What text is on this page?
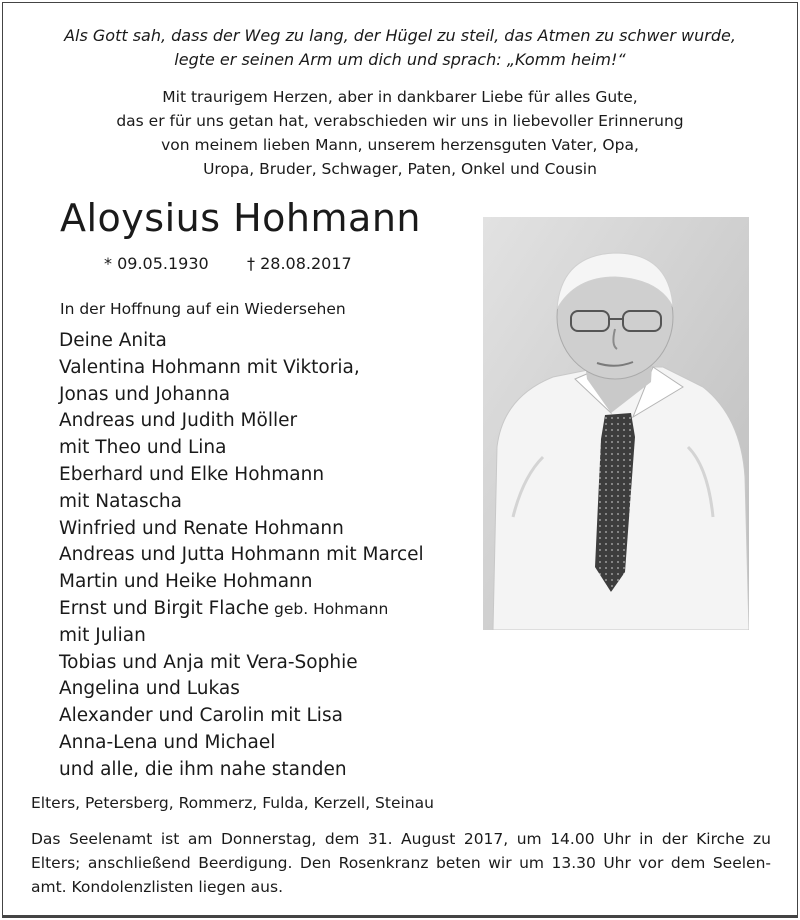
Als Gott sah, dass der Weg zu lang, der Hügel zu steil, das Atmen zu schwer wurde,
legte er seinen Arm um dich und sprach: „Komm heim!“
Mit traurigem Herzen, aber in dankbarer Liebe für alles Gute,
das er für uns getan hat, verabschieden wir uns in liebevoller Erinnerung
von meinem lieben Mann, unserem herzensguten Vater, Opa,
Uropa, Bruder, Schwager, Paten, Onkel und Cousin
Aloysius Hohmann
* 09.05.1930 † 28.08.2017
In der Hoffnung auf ein Wiedersehen
Deine Anita
Valentina Hohmann mit Viktoria,
Jonas und Johanna
Andreas und Judith Möller
mit Theo und Lina
Eberhard und Elke Hohmann
mit Natascha
Winfried und Renate Hohmann
Andreas und Jutta Hohmann mit Marcel
Martin und Heike Hohmann
Ernst und Birgit Flache geb. Hohmann
mit Julian
Tobias und Anja mit Vera-Sophie
Angelina und Lukas
Alexander und Carolin mit Lisa
Anna-Lena und Michael
und alle, die ihm nahe standen
Elters, Petersberg, Rommerz, Fulda, Kerzell, Steinau
Das Seelenamt ist am Donnerstag, dem 31. August 2017, um 14.00 Uhr in der Kirche zu Elters; anschließend Beerdigung. Den Rosenkranz beten wir um 13.30 Uhr vor dem Seelen-amt. Kondolenzlisten liegen aus.
